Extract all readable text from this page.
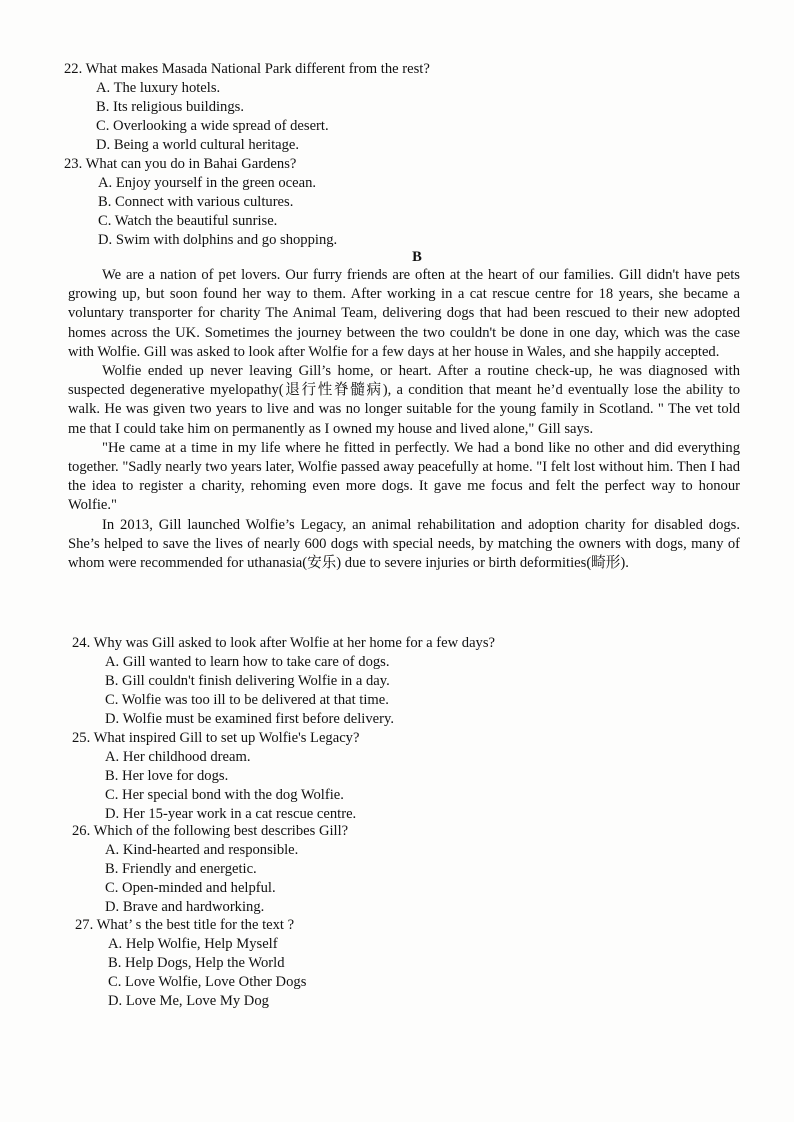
22. What makes Masada National Park different from the rest?

A. The luxury hotels.

B. Its religious buildings.

C. Overlooking a wide spread of desert.

D. Being a world cultural heritage.

23. What can you do in Bahai Gardens?

A. Enjoy yourself in the green ocean.

B. Connect with various cultures.

C. Watch the beautiful sunrise.

D. Swim with dolphins and go shopping.

B

We are a nation of pet lovers. Our furry friends are often at the heart of our families. Gill didn't have pets growing up, but soon found her way to them. After working in a cat rescue centre for 18 years, she became a voluntary transporter for charity The Animal Team, delivering dogs that had been rescued to their new adopted homes across the UK. Sometimes the journey between the two couldn't be done in one day, which was the case with Wolfie. Gill was asked to look after Wolfie for a few days at her house in Wales, and she happily accepted.

Wolfie ended up never leaving Gill’s home, or heart. After a routine check-up, he was diagnosed with suspected degenerative myelopathy(退行性脊髓病), a condition that meant he’d eventually lose the ability to walk. He was given two years to live and was no longer suitable for the young family in Scotland. " The vet told me that I could take him on permanently as I owned my house and lived alone," Gill says.

"He came at a time in my life where he fitted in perfectly. We had a bond like no other and did everything together. "Sadly nearly two years later, Wolfie passed away peacefully at home. "I felt lost without him. Then I had the idea to register a charity, rehoming even more dogs. It gave me focus and felt the perfect way to honour Wolfie."

In 2013, Gill launched Wolfie’s Legacy, an animal rehabilitation and adoption charity for disabled dogs. She’s helped to save the lives of nearly 600 dogs with special needs, by matching the owners with dogs, many of whom were recommended for uthanasia(安乐) due to severe injuries or birth deformities(畸形).

24. Why was Gill asked to look after Wolfie at her home for a few days?

A. Gill wanted to learn how to take care of dogs.

B. Gill couldn't finish delivering Wolfie in a day.

C. Wolfie was too ill to be delivered at that time.

D. Wolfie must be examined first before delivery.

25. What inspired Gill to set up Wolfie's Legacy?

A. Her childhood dream.

B. Her love for dogs.

C. Her special bond with the dog Wolfie.

D. Her 15-year work in a cat rescue centre.

26. Which of the following best describes Gill?

A. Kind-hearted and responsible.

B. Friendly and energetic.

C. Open-minded and helpful.

D. Brave and hardworking.

27. What’ s the best title for the text ?

A. Help Wolfie, Help Myself

B. Help Dogs, Help the World

C. Love Wolfie, Love Other Dogs

D. Love Me, Love My Dog
